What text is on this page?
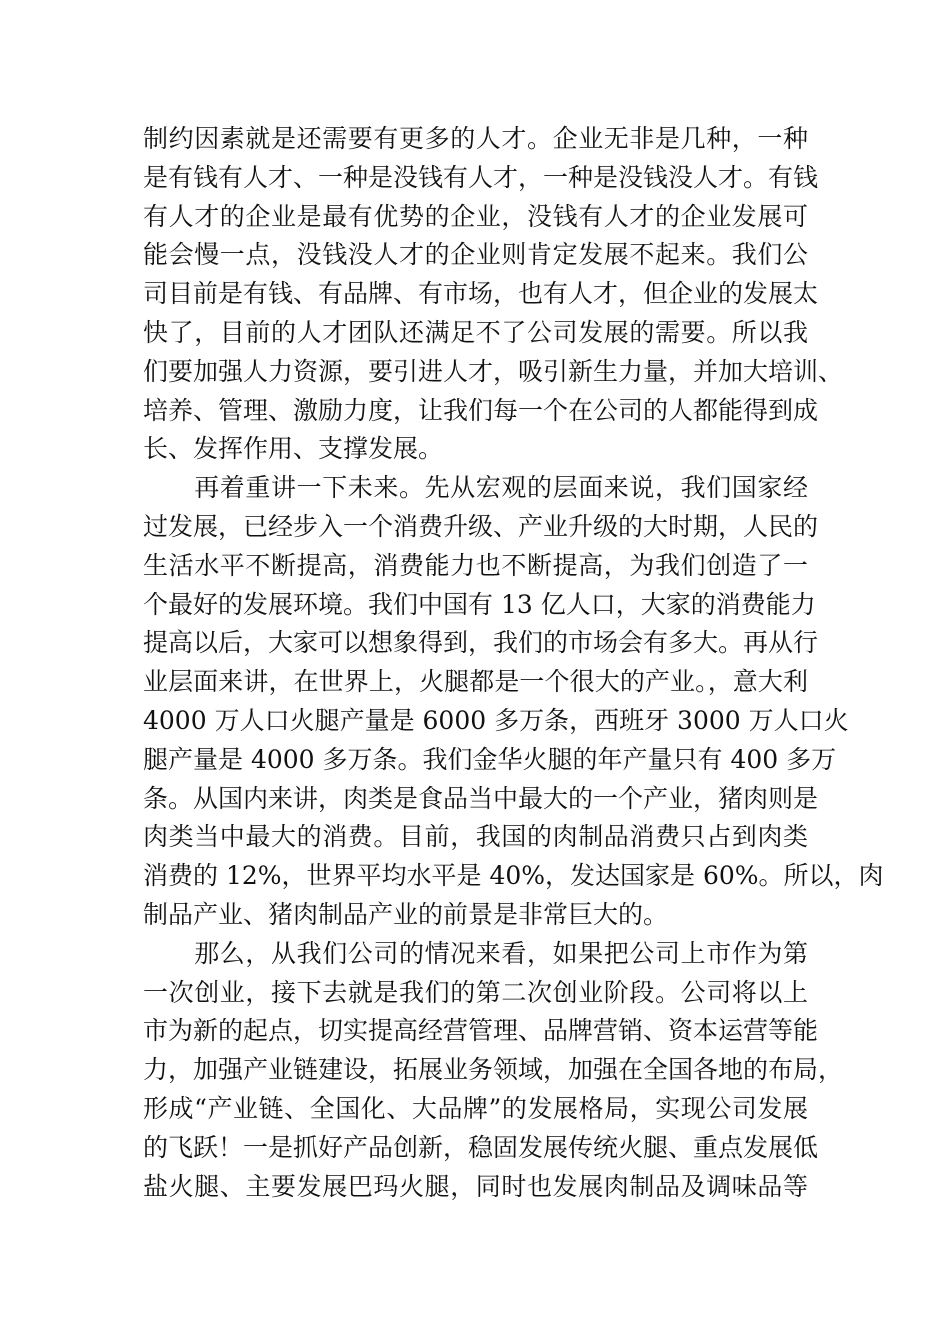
制约因素就是还需要有更多的人才。企业无非是几种，一种
是有钱有人才、一种是没钱有人才，一种是没钱没人才。有钱
有人才的企业是最有优势的企业，没钱有人才的企业发展可
能会慢一点，没钱没人才的企业则肯定发展不起来。我们公
司目前是有钱、有品牌、有市场，也有人才，但企业的发展太
快了，目前的人才团队还满足不了公司发展的需要。所以我
们要加强人力资源，要引进人才，吸引新生力量，并加大培训、
培养、管理、激励力度，让我们每一个在公司的人都能得到成
长、发挥作用、支撑发展。
　　再着重讲一下未来。先从宏观的层面来说，我们国家经
过发展，已经步入一个消费升级、产业升级的大时期，人民的
生活水平不断提高，消费能力也不断提高，为我们创造了一
个最好的发展环境。我们中国有 13 亿人口，大家的消费能力
提高以后，大家可以想象得到，我们的市场会有多大。再从行
业层面来讲，在世界上，火腿都是一个很大的产业。，意大利
4000 万人口火腿产量是 6000 多万条，西班牙 3000 万人口火
腿产量是 4000 多万条。我们金华火腿的年产量只有 400 多万
条。从国内来讲，肉类是食品当中最大的一个产业，猪肉则是
肉类当中最大的消费。目前，我国的肉制品消费只占到肉类
消费的 12%，世界平均水平是 40%，发达国家是 60%。所以，肉
制品产业、猪肉制品产业的前景是非常巨大的。
　　那么，从我们公司的情况来看，如果把公司上市作为第
一次创业，接下去就是我们的第二次创业阶段。公司将以上
市为新的起点，切实提高经营管理、品牌营销、资本运营等能
力，加强产业链建设，拓展业务领域，加强在全国各地的布局，
形成“产业链、全国化、大品牌”的发展格局，实现公司发展
的飞跃！一是抓好产品创新，稳固发展传统火腿、重点发展低
盐火腿、主要发展巴玛火腿，同时也发展肉制品及调味品等
